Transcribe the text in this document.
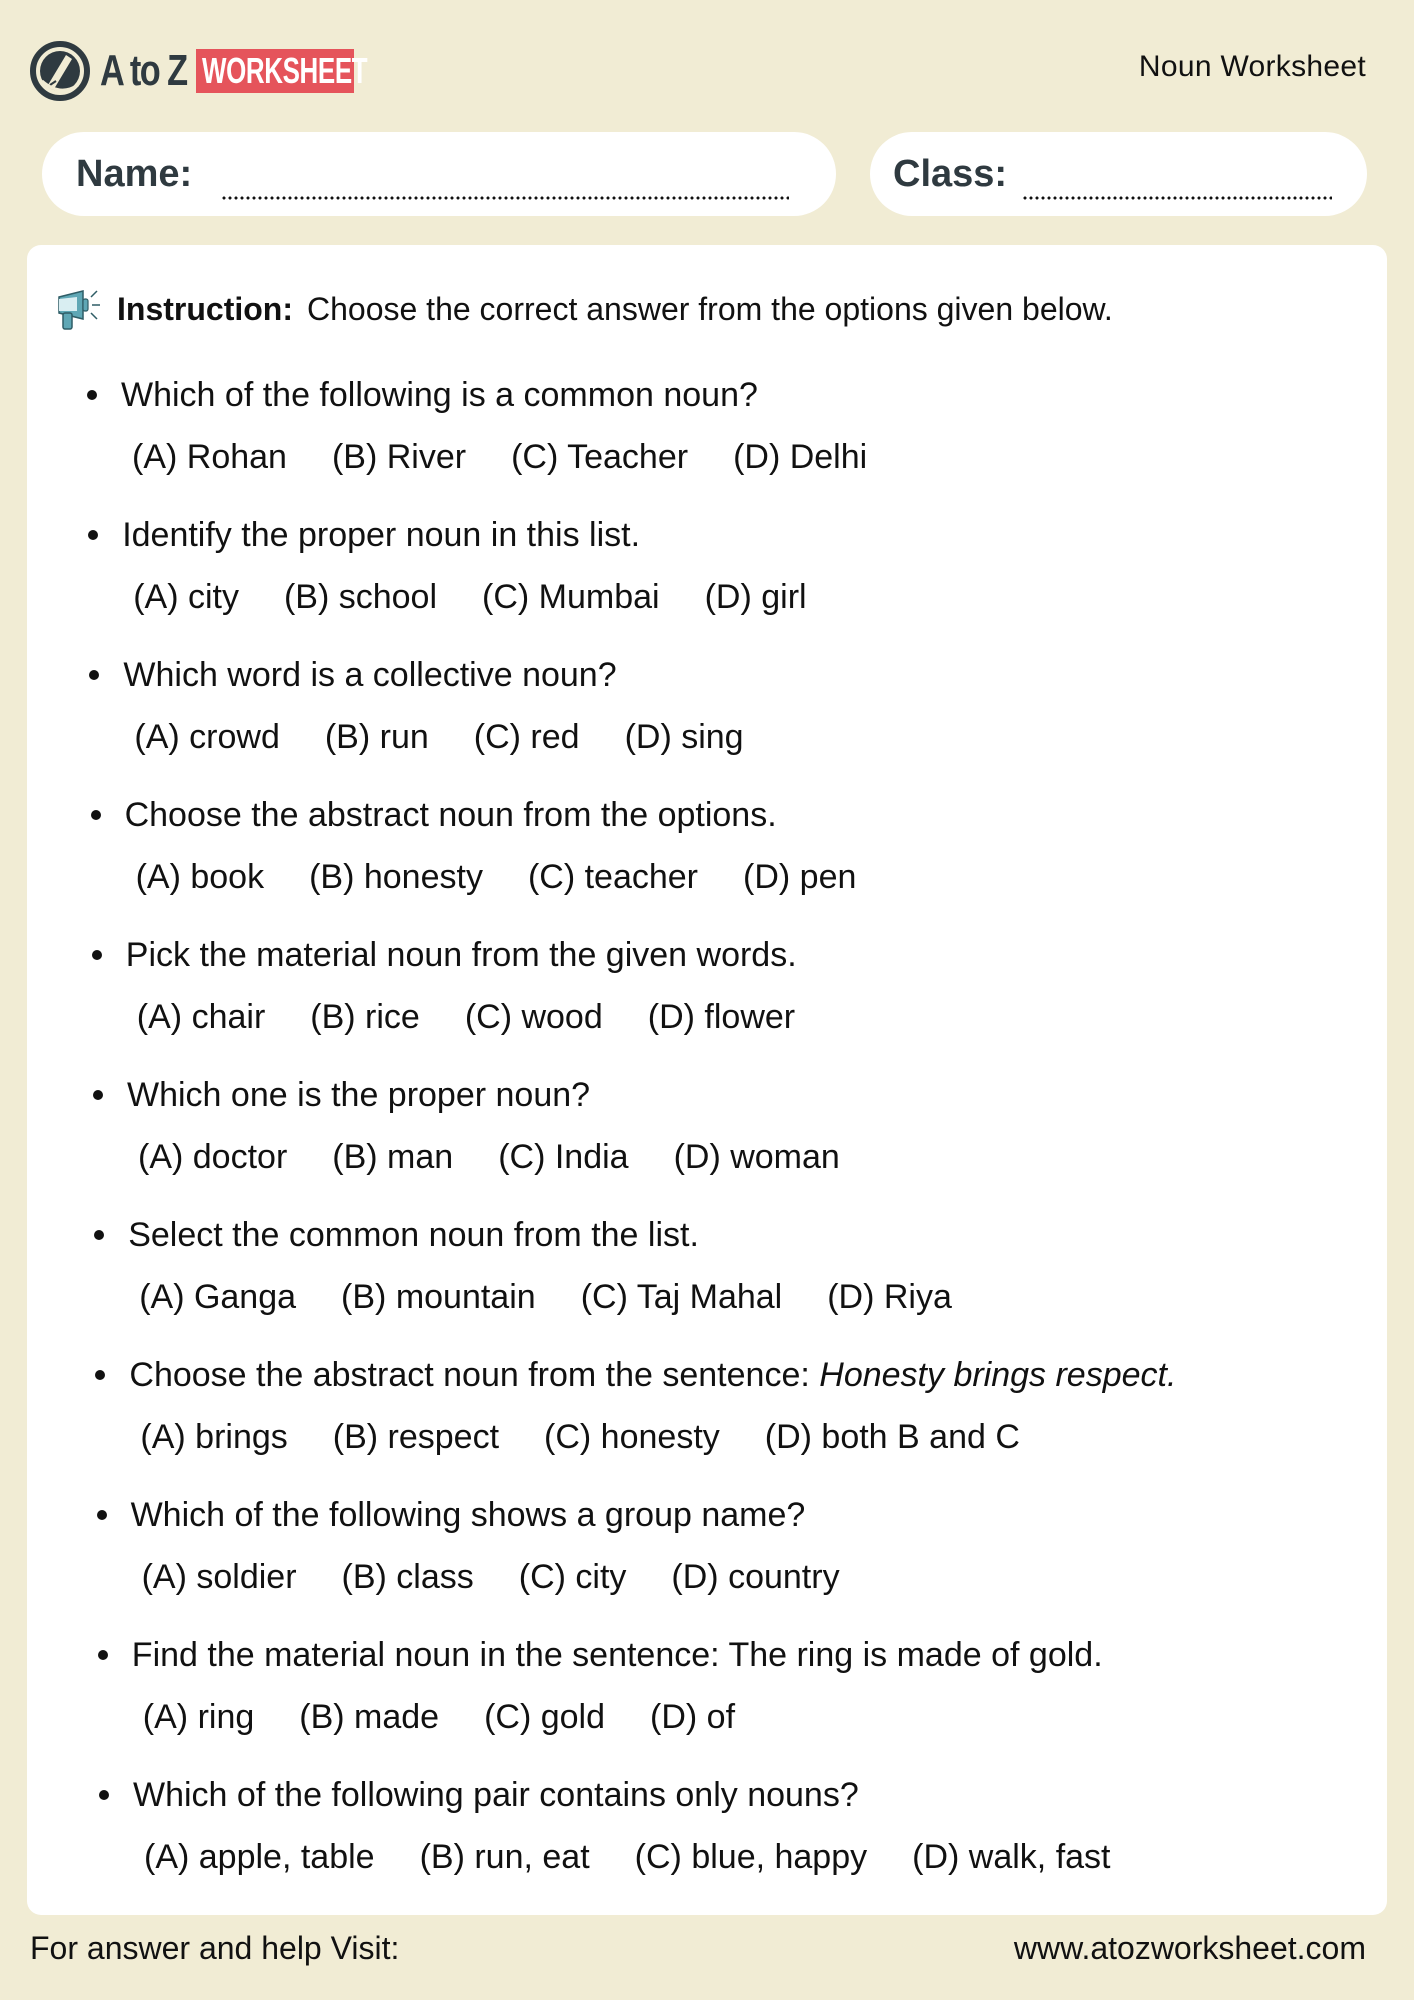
A to Z WORKSHEET	Noun Worksheet
Name:	Class:
Instruction: Choose the correct answer from the options given below.
Which of the following is a common noun?
(A) Rohan (B) River (C) Teacher (D) Delhi
Identify the proper noun in this list.
(A) city (B) school (C) Mumbai (D) girl
Which word is a collective noun?
(A) crowd (B) run (C) red (D) sing
Choose the abstract noun from the options.
(A) book (B) honesty (C) teacher (D) pen
Pick the material noun from the given words.
(A) chair (B) rice (C) wood (D) flower
Which one is the proper noun?
(A) doctor (B) man (C) India (D) woman
Select the common noun from the list.
(A) Ganga (B) mountain (C) Taj Mahal (D) Riya
Choose the abstract noun from the sentence: Honesty brings respect.
(A) brings (B) respect (C) honesty (D) both B and C
Which of the following shows a group name?
(A) soldier (B) class (C) city (D) country
Find the material noun in the sentence: The ring is made of gold.
(A) ring (B) made (C) gold (D) of
Which of the following pair contains only nouns?
(A) apple, table (B) run, eat (C) blue, happy (D) walk, fast
For answer and help Visit:	www.atozworksheet.com
